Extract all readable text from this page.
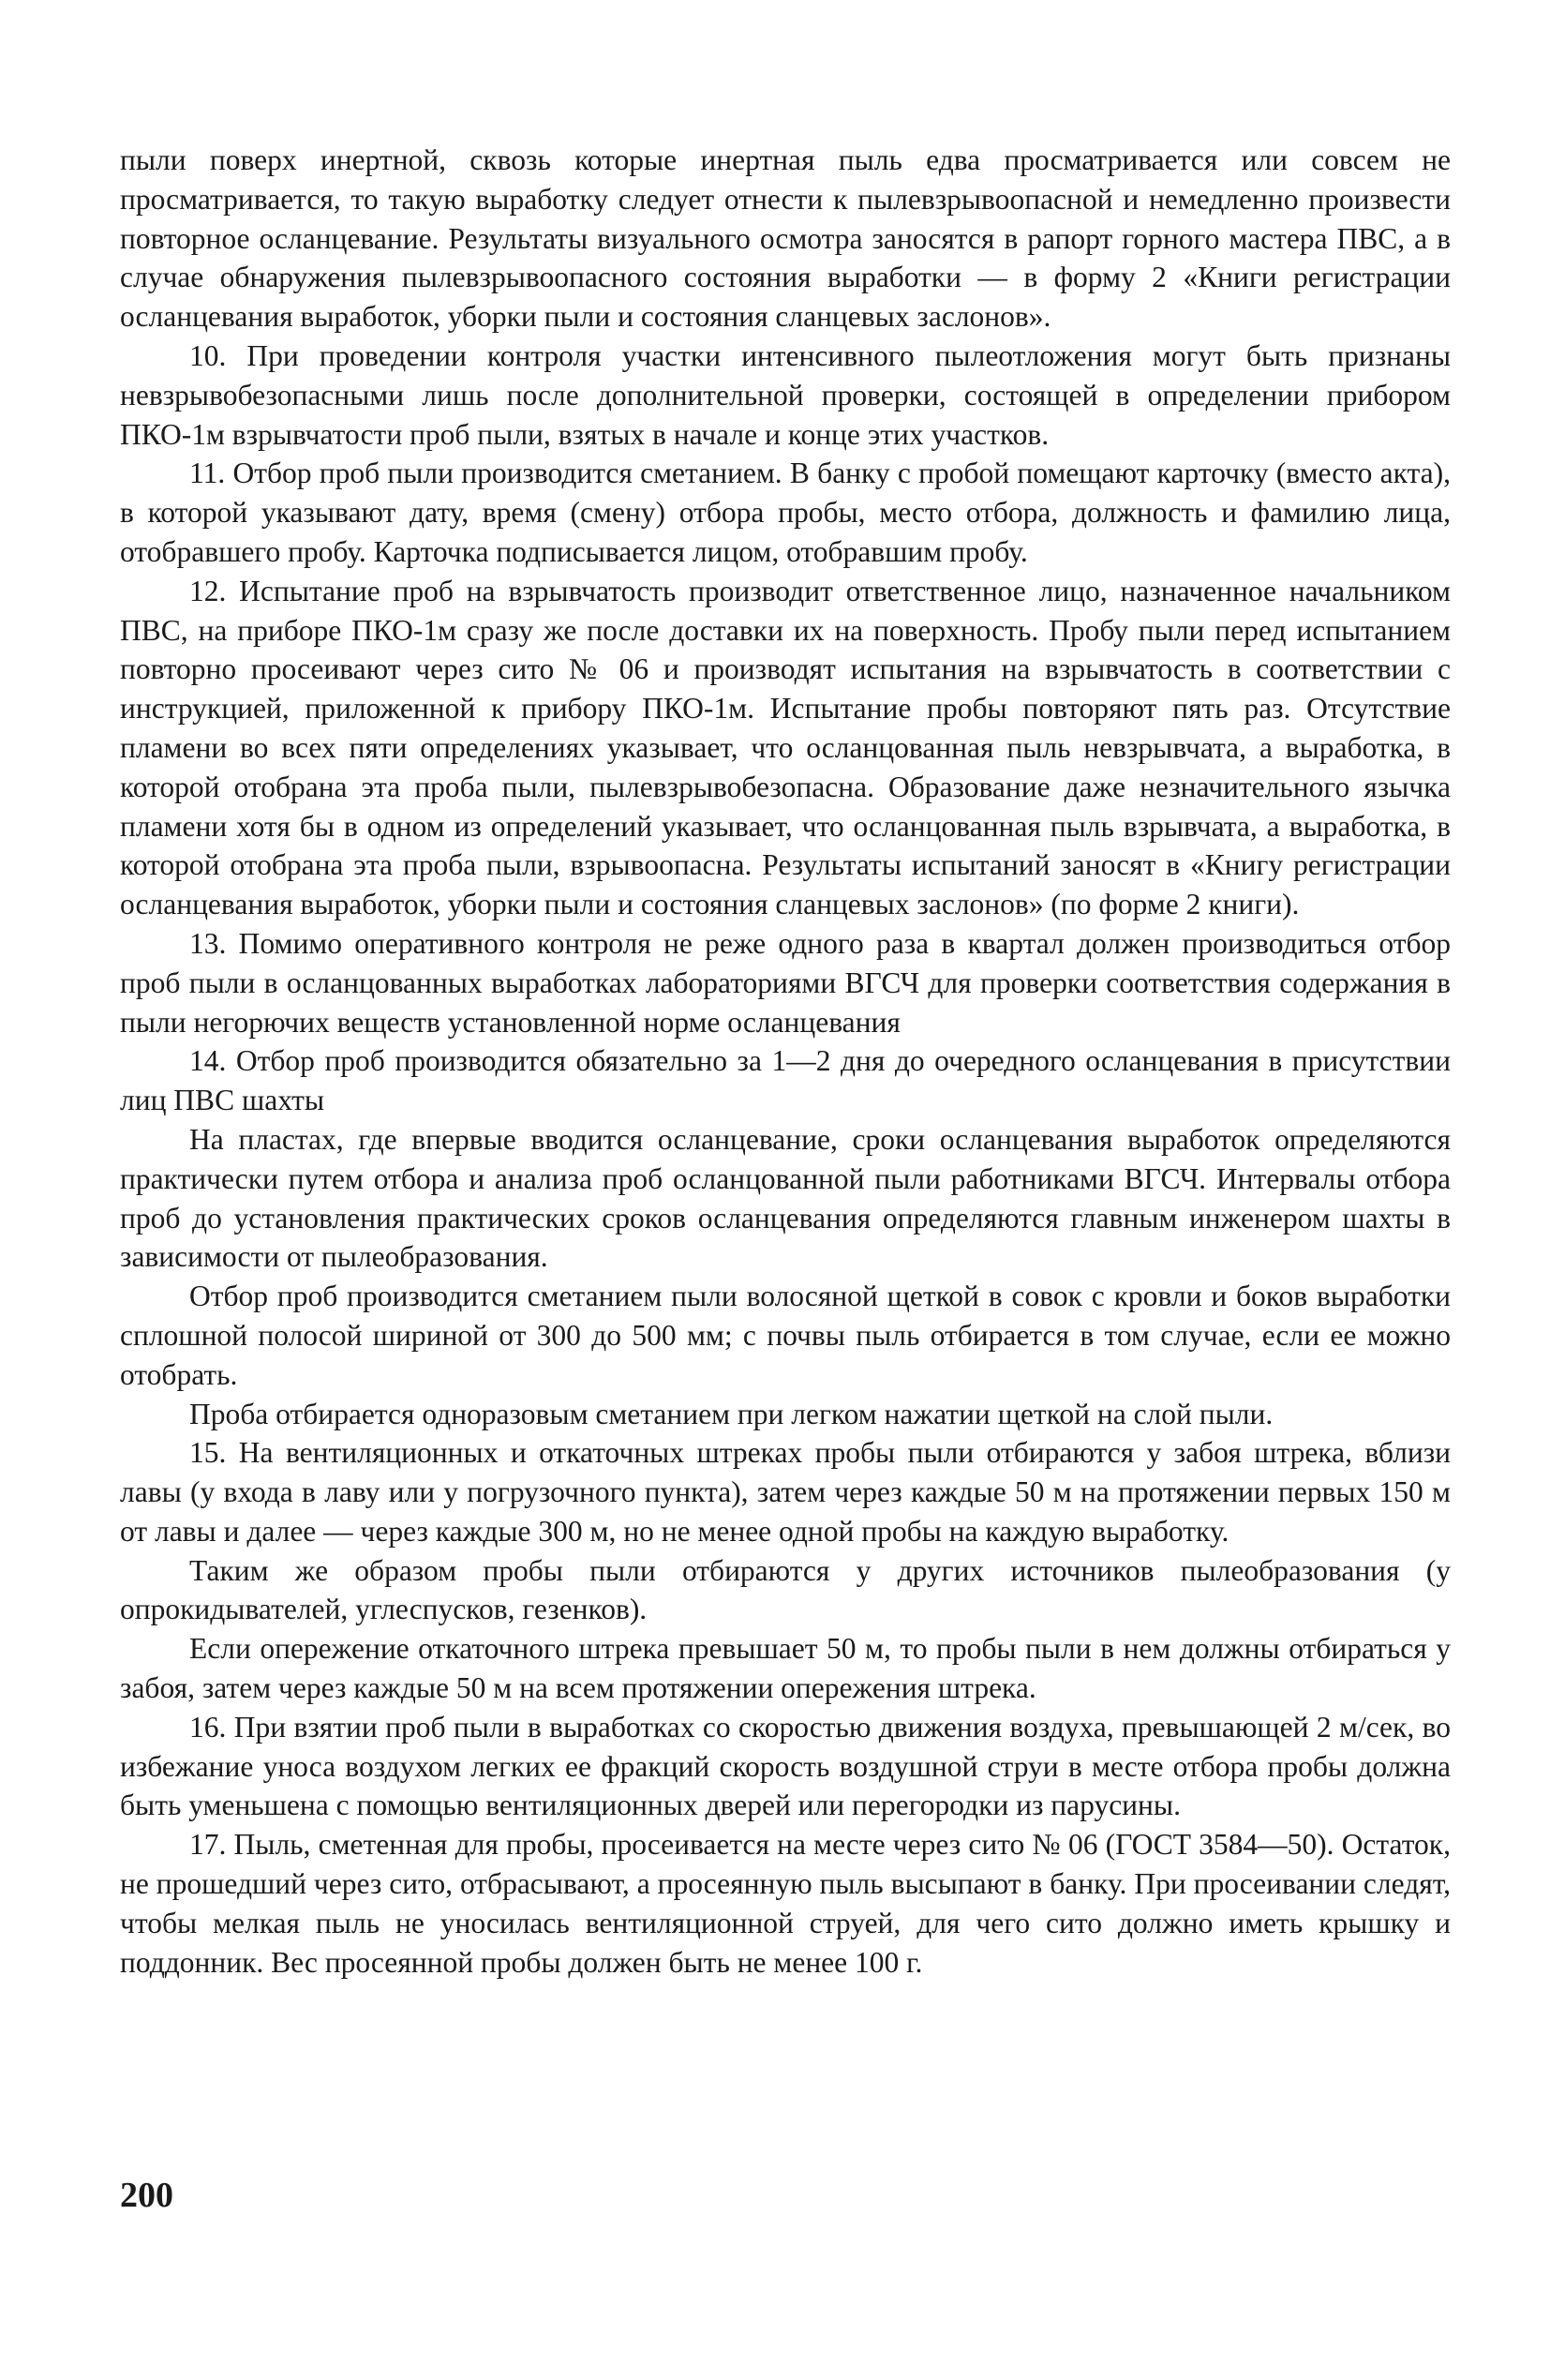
пыли поверх инертной, сквозь которые инертная пыль едва просматривается или совсем не просматривается, то такую выработку следует отнести к пылевзрывоопасной и немедленно произвести повторное осланцевание. Результаты визуального осмотра заносятся в рапорт горного мастера ПВС, а в случае обнаружения пылевзрывоопасного состояния выработки — в форму 2 «Книги регистрации осланцевания выработок, уборки пыли и состояния сланцевых заслонов».

10. При проведении контроля участки интенсивного пылеотложения могут быть признаны невзрывобезопасными лишь после дополнительной проверки, состоящей в определении прибором ПКО-1м взрывчатости проб пыли, взятых в начале и конце этих участков.

11. Отбор проб пыли производится сметанием. В банку с пробой помещают карточку (вместо акта), в которой указывают дату, время (смену) отбора пробы, место отбора, должность и фамилию лица, отобравшего пробу. Карточка подписывается лицом, отобравшим пробу.

12. Испытание проб на взрывчатость производит ответственное лицо, назначенное начальником ПВС, на приборе ПКО-1м сразу же после доставки их на поверхность. Пробу пыли перед испытанием повторно просеивают через сито № 06 и производят испытания на взрывчатость в соответствии с инструкцией, приложенной к прибору ПКО-1м. Испытание пробы повторяют пять раз. Отсутствие пламени во всех пяти определениях указывает, что осланцованная пыль невзрывчата, а выработка, в которой отобрана эта проба пыли, пылевзрывобезопасна. Образование даже незначительного язычка пламени хотя бы в одном из определений указывает, что осланцованная пыль взрывчата, а выработка, в которой отобрана эта проба пыли, взрывоопасна. Результаты испытаний заносят в «Книгу регистрации осланцевания выработок, уборки пыли и состояния сланцевых заслонов» (по форме 2 книги).

13. Помимо оперативного контроля не реже одного раза в квартал должен производиться отбор проб пыли в осланцованных выработках лабораториями ВГСЧ для проверки соответствия содержания в пыли негорючих веществ установленной норме осланцевания

14. Отбор проб производится обязательно за 1—2 дня до очередного осланцевания в присутствии лиц ПВС шахты

На пластах, где впервые вводится осланцевание, сроки осланцевания выработок определяются практически путем отбора и анализа проб осланцованной пыли работниками ВГСЧ. Интервалы отбора проб до установления практических сроков осланцевания определяются главным инженером шахты в зависимости от пылеобразования.

Отбор проб производится сметанием пыли волосяной щеткой в совок с кровли и боков выработки сплошной полосой шириной от 300 до 500 мм; с почвы пыль отбирается в том случае, если ее можно отобрать.

Проба отбирается одноразовым сметанием при легком нажатии щеткой на слой пыли.

15. На вентиляционных и откаточных штреках пробы пыли отбираются у забоя штрека, вблизи лавы (у входа в лаву или у погрузочного пункта), затем через каждые 50 м на протяжении первых 150 м от лавы и далее — через каждые 300 м, но не менее одной пробы на каждую выработку.

Таким же образом пробы пыли отбираются у других источников пылеобразования (у опрокидывателей, углеспусков, гезенков).

Если опережение откаточного штрека превышает 50 м, то пробы пыли в нем должны отбираться у забоя, затем через каждые 50 м на всем протяжении опережения штрека.

16. При взятии проб пыли в выработках со скоростью движения воздуха, превышающей 2 м/сек, во избежание уноса воздухом легких ее фракций скорость воздушной струи в месте отбора пробы должна быть уменьшена с помощью вентиляционных дверей или перегородки из парусины.

17. Пыль, сметенная для пробы, просеивается на месте через сито № 06 (ГОСТ 3584—50). Остаток, не прошедший через сито, отбрасывают, а просеянную пыль высыпают в банку. При просеивании следят, чтобы мелкая пыль не уносилась вентиляционной струей, для чего сито должно иметь крышку и поддонник. Вес просеянной пробы должен быть не менее 100 г.

200
